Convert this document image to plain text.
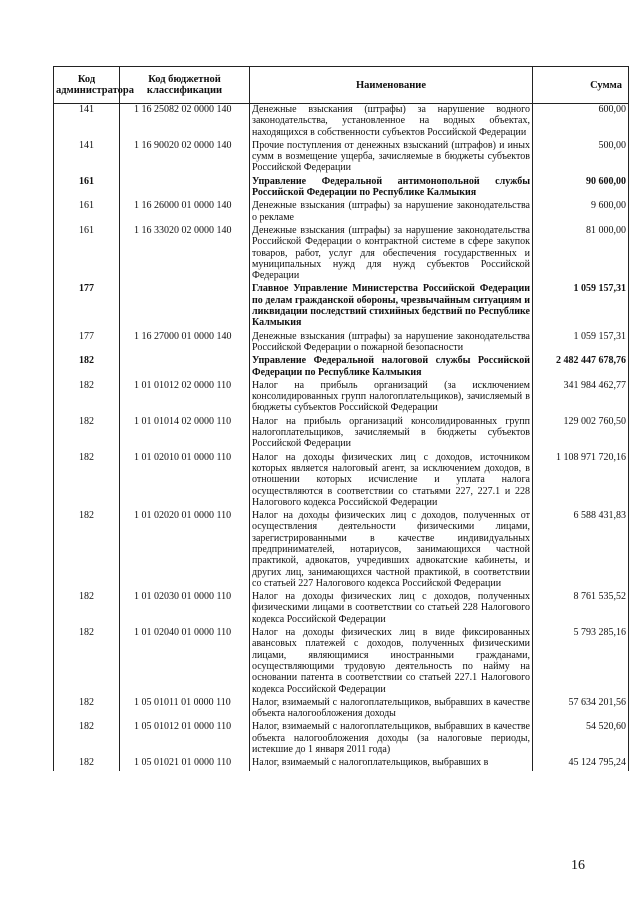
Код администратора	Код бюджетной классификации	Наименование	Сумма
141	1 16 25082 02 0000 140	Денежные взыскания (штрафы) за нарушение водного законодательства, установленное на водных объектах, находящихся в собственности субъектов Российской Федерации	600,00
141	1 16 90020 02 0000 140	Прочие поступления от денежных взысканий (штрафов) и иных сумм в возмещение ущерба, зачисляемые в бюджеты субъектов Российской Федерации	500,00
161		Управление Федеральной антимонопольной службы Российской Федерации по Республике Калмыкия	90 600,00
161	1 16 26000 01 0000 140	Денежные взыскания (штрафы) за нарушение законодательства о рекламе	9 600,00
161	1 16 33020 02 0000 140	Денежные взыскания (штрафы) за нарушение законодательства Российской Федерации о контрактной системе в сфере закупок товаров, работ, услуг для обеспечения государственных и муниципальных нужд для нужд субъектов Российской Федерации	81 000,00
177		Главное Управление Министерства Российской Федерации по делам гражданской обороны, чрезвычайным ситуациям и ликвидации последствий стихийных бедствий по Республике Калмыкия	1 059 157,31
177	1 16 27000 01 0000 140	Денежные взыскания (штрафы) за нарушение законодательства Российской Федерации о пожарной безопасности	1 059 157,31
182		Управление Федеральной налоговой службы Российской Федерации по Республике Калмыкия	2 482 447 678,76
182	1 01 01012 02 0000 110	Налог на прибыль организаций (за исключением консолидированных групп налогоплательщиков), зачисляемый в бюджеты субъектов Российской Федерации	341 984 462,77
182	1 01 01014 02 0000 110	Налог на прибыль организаций консолидированных групп налогоплательщиков, зачисляемый в бюджеты субъектов Российской Федерации	129 002 760,50
182	1 01 02010 01 0000 110	Налог на доходы физических лиц с доходов, источником которых является налоговый агент, за исключением доходов, в отношении которых исчисление и уплата налога осуществляются в соответствии со статьями 227, 227.1 и 228 Налогового кодекса Российской Федерации	1 108 971 720,16
182	1 01 02020 01 0000 110	Налог на доходы физических лиц с доходов, полученных от осуществления деятельности физическими лицами, зарегистрированными в качестве индивидуальных предпринимателей, нотариусов, занимающихся частной практикой, адвокатов, учредивших адвокатские кабинеты, и других лиц, занимающихся частной практикой, в соответствии со статьей 227 Налогового кодекса Российской Федерации	6 588 431,83
182	1 01 02030 01 0000 110	Налог на доходы физических лиц с доходов, полученных физическими лицами в соответствии со статьей 228 Налогового кодекса Российской Федерации	8 761 535,52
182	1 01 02040 01 0000 110	Налог на доходы физических лиц в виде фиксированных авансовых платежей с доходов, полученных физическими лицами, являющимися иностранными гражданами, осуществляющими трудовую деятельность по найму на основании патента в соответствии со статьей 227.1 Налогового кодекса Российской Федерации	5 793 285,16
182	1 05 01011 01 0000 110	Налог, взимаемый с налогоплательщиков, выбравших в качестве объекта налогообложения доходы	57 634 201,56
182	1 05 01012 01 0000 110	Налог, взимаемый с налогоплательщиков, выбравших в качестве объекта налогообложения доходы (за налоговые периоды, истекшие до 1 января 2011 года)	54 520,60
182	1 05 01021 01 0000 110	Налог, взимаемый с налогоплательщиков, выбравших в	45 124 795,24
16
